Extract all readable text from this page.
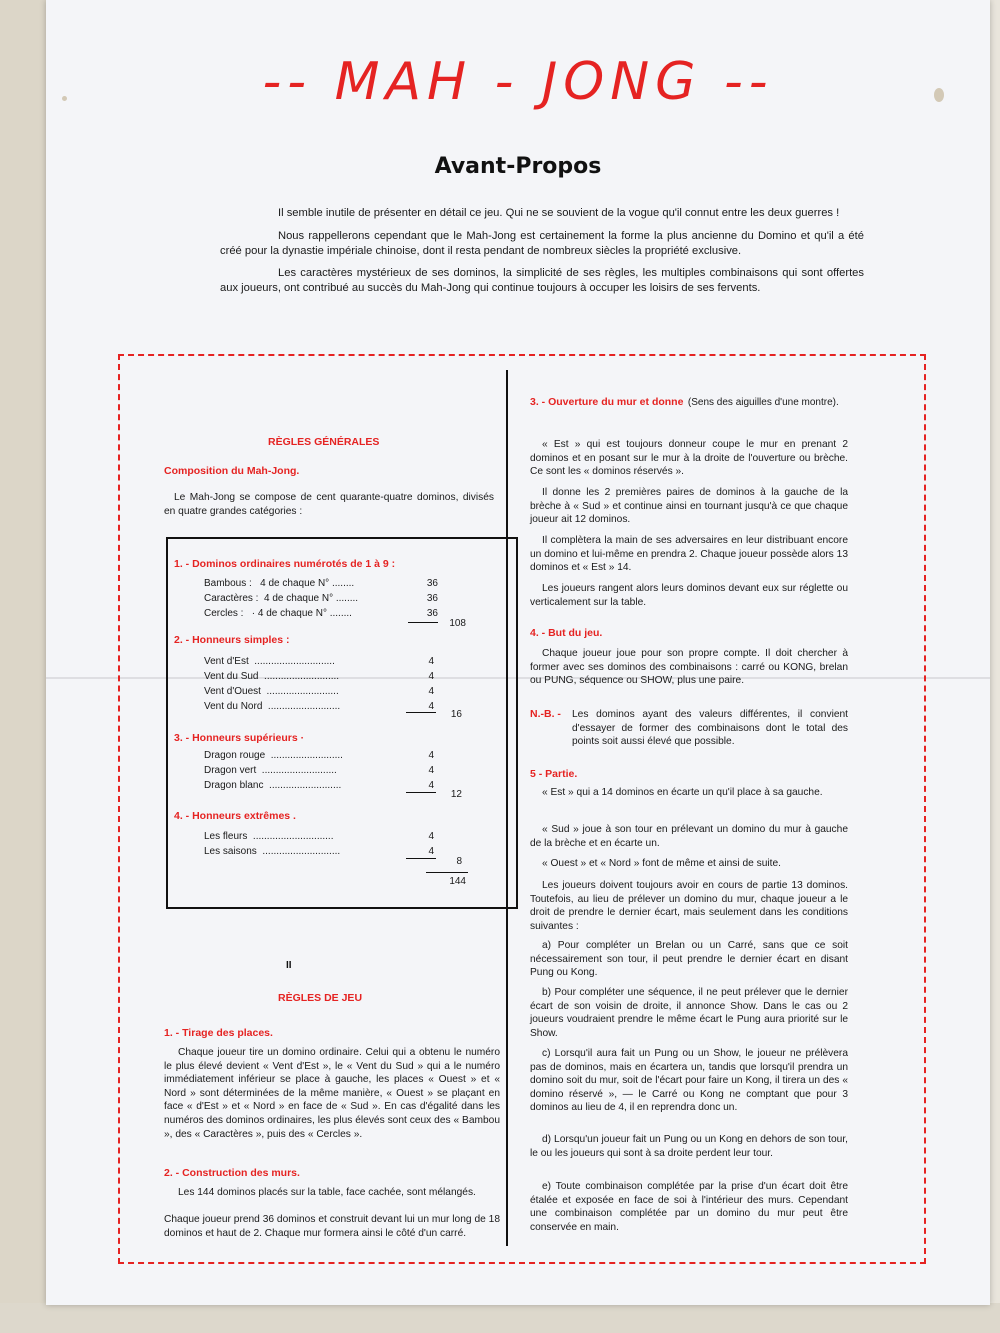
-- MAH - JONG --
Avant-Propos

Il semble inutile de présenter en détail ce jeu. Qui ne se souvient de la vogue qu'il connut entre les deux guerres !

Nous rappellerons cependant que le Mah-Jong est certainement la forme la plus ancienne du Domino et qu'il a été créé pour la dynastie impériale chinoise, dont il resta pendant de nombreux siècles la propriété exclusive.

Les caractères mystérieux de ses dominos, la simplicité de ses règles, les multiples combinaisons qui sont offertes aux joueurs, ont contribué au succès du Mah-Jong qui continue toujours à occuper les loisirs de ses fervents.

RÈGLES GÉNÉRALES
Composition du Mah-Jong.

Le Mah-Jong se compose de cent quarante-quatre dominos, divisés en quatre grandes catégories :

1. - Dominos ordinaires numérotés de 1 à 9 :
Bambous :   4 de chaque N° ........	36
Caractères :  4 de chaque N° ........	36
Cercles :   · 4 de chaque N° ........	36
108
2. - Honneurs simples :
Vent d'Est  .............................	4
Vent du Sud  ...........................	4
Vent d'Ouest  ..........................	4
Vent du Nord  ..........................	4
16
3. - Honneurs supérieurs ·
Dragon rouge  ..........................	4
Dragon vert  ...........................	4
Dragon blanc  ..........................	4
12
4. - Honneurs extrêmes .
Les fleurs  .............................	4
Les saisons  ............................	4
8
144
II
RÈGLES DE JEU
1. - Tirage des places.

Chaque joueur tire un domino ordinaire. Celui qui a obtenu le numéro le plus élevé devient « Vent d'Est », le « Vent du Sud » qui a le numéro immédiatement inférieur se place à gauche, les places « Ouest » et « Nord » sont déterminées de la même manière, « Ouest » se plaçant en face « d'Est » et « Nord » en face de « Sud ». En cas d'égalité dans les numéros des dominos ordinaires, les plus élevés sont ceux des « Bambou », des « Caractères », puis des « Cercles ».

2. - Construction des murs.

Les 144 dominos placés sur la table, face cachée, sont mélangés.

Chaque joueur prend 36 dominos et construit devant lui un mur long de 18 dominos et haut de 2. Chaque mur formera ainsi le côté d'un carré.

3. - Ouverture du mur et donne (Sens des aiguilles d'une montre).

« Est » qui est toujours donneur coupe le mur en prenant 2 dominos et en posant sur le mur à la droite de l'ouverture ou brèche. Ce sont les « dominos réservés ».

Il donne les 2 premières paires de dominos à la gauche de la brèche à « Sud » et continue ainsi en tournant jusqu'à ce que chaque joueur ait 12 dominos.

Il complètera la main de ses adversaires en leur distribuant encore un domino et lui-même en prendra 2. Chaque joueur possède alors 13 dominos et « Est » 14.

Les joueurs rangent alors leurs dominos devant eux sur réglette ou verticalement sur la table.

4. - But du jeu.

Chaque joueur joue pour son propre compte. Il doit chercher à former avec ses dominos des combinaisons : carré ou KONG, brelan ou PUNG, séquence ou SHOW, plus une paire.

N.-B. - Les dominos ayant des valeurs différentes, il convient d'essayer de former des combinaisons dont le total des points soit aussi élevé que possible.

5 - Partie.

« Est » qui a 14 dominos en écarte un qu'il place à sa gauche.

« Sud » joue à son tour en prélevant un domino du mur à gauche de la brèche et en écarte un.

« Ouest » et « Nord » font de même et ainsi de suite.

Les joueurs doivent toujours avoir en cours de partie 13 dominos. Toutefois, au lieu de prélever un domino du mur, chaque joueur a le droit de prendre le dernier écart, mais seulement dans les conditions suivantes :

a) Pour compléter un Brelan ou un Carré, sans que ce soit nécessairement son tour, il peut prendre le dernier écart en disant Pung ou Kong.

b) Pour compléter une séquence, il ne peut prélever que le dernier écart de son voisin de droite, il annonce Show. Dans le cas ou 2 joueurs voudraient prendre le même écart le Pung aura priorité sur le Show.

c) Lorsqu'il aura fait un Pung ou un Show, le joueur ne prélèvera pas de dominos, mais en écartera un, tandis que lorsqu'il prendra un domino soit du mur, soit de l'écart pour faire un Kong, il tirera un des « domino réservé », — le Carré ou Kong ne comptant que pour 3 dominos au lieu de 4, il en reprendra donc un.

d) Lorsqu'un joueur fait un Pung ou un Kong en dehors de son tour, le ou les joueurs qui sont à sa droite perdent leur tour.

e) Toute combinaison complétée par la prise d'un écart doit être étalée et exposée en face de soi à l'intérieur des murs. Cependant une combinaison complétée par un domino du mur peut être conservée en main.
